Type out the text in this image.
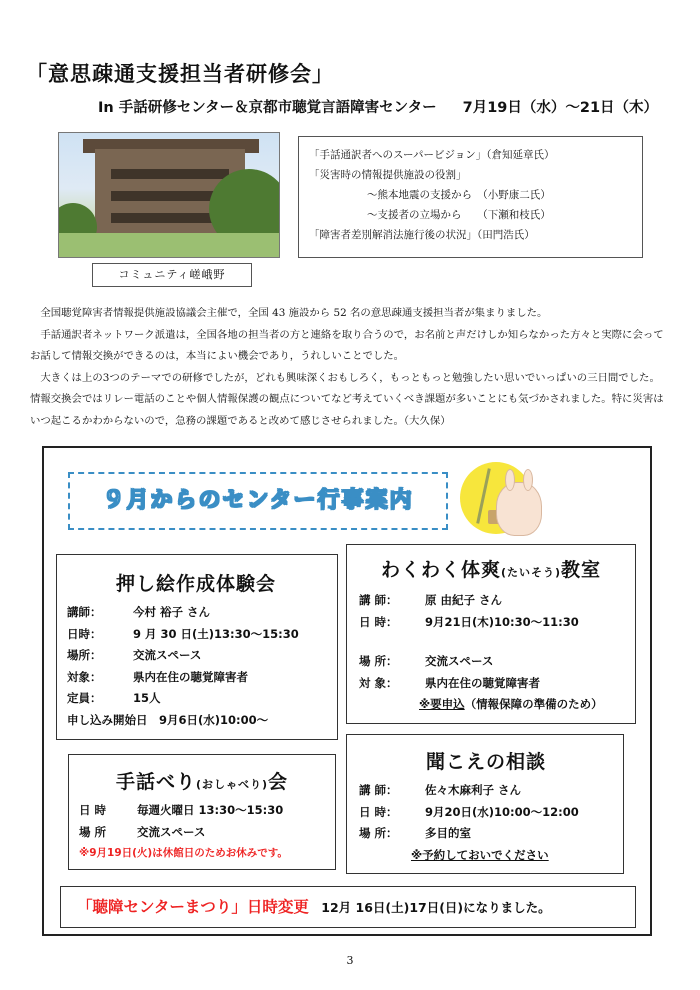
「意思疎通支援担当者研修会」
In 手話研修センター＆京都市聴覚言語障害センター 7月19日（水）～21日（木）
コミュニティ嵯峨野

「手話通訳者へのスーパービジョン」（倉知延章氏）

「災害時の情報提供施設の役割」

～熊本地震の支援から　（小野康二氏）

～支援者の立場から　　（下瀬和枝氏）

「障害者差別解消法施行後の状況」（田門浩氏）

全国聴覚障害者情報提供施設協議会主催で，全国 43 施設から 52 名の意思疎通支援担当者が集まりました。

手話通訳者ネットワーク派遣は，全国各地の担当者の方と連絡を取り合うので，お名前と声だけしか知らなかった方々と実際に会ってお話して情報交換ができるのは，本当によい機会であり，うれしいことでした。

大きくは上の3つのテーマでの研修でしたが，どれも興味深くおもしろく，もっともっと勉強したい思いでいっぱいの三日間でした。情報交換会ではリレー電話のことや個人情報保護の観点についてなど考えていくべき課題が多いことにも気づかされました。特に災害はいつ起こるかわからないので，急務の課題であると改めて感じさせられました。（大久保）

９月からのセンター行事案内
押し絵作成体験会
講師：	今村 裕子 さん
日時：	9 月 30 日(土)13:30～15:30
場所：	交流スペース
対象：	県内在住の聴覚障害者
定員：	15人
申し込み開始日　9月6日(水)10:00～
わくわく体爽(たいそう)教室
講 師：	原 由紀子 さん
日 時：	9月21日(木)10:30～11:30
場 所：	交流スペース
対 象：	県内在住の聴覚障害者
※要申込 （情報保障の準備のため）
手話べり(おしゃべり)会
日 時	毎週火曜日 13:30～15:30
場 所	交流スペース
※9月19日(火)は休館日のためお休みです。
聞こえの相談
講 師：	佐々木麻利子 さん
日 時：	9月20日(水)10:00～12:00
場 所：	多目的室
※予約しておいでください
「聴障センターまつり」日時変更 12月 16日(土)17日(日)になりました。
3
